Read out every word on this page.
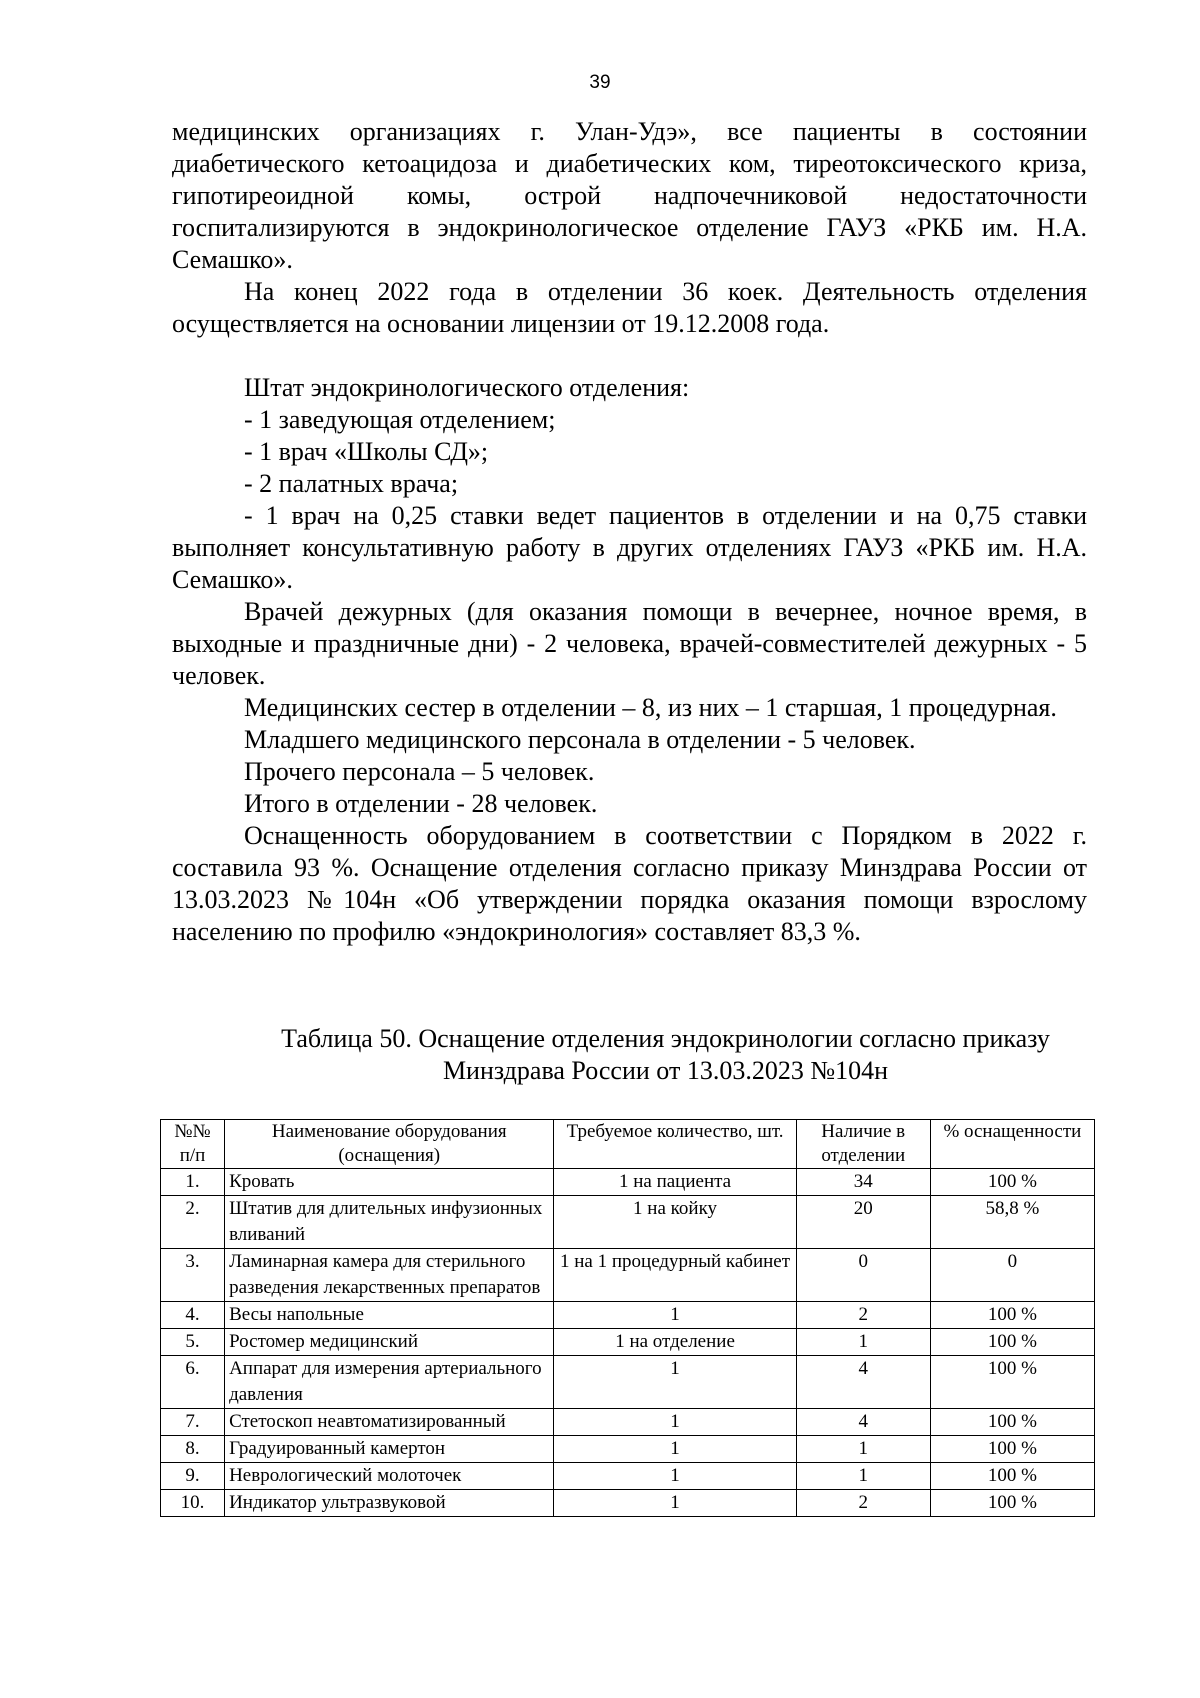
39

медицинских организациях г. Улан-Удэ», все пациенты в состоянии диабетического кетоацидоза и диабетических ком, тиреотоксического криза, гипотиреоидной комы, острой надпочечниковой недостаточности госпитализируются в эндокринологическое отделение ГАУЗ «РКБ им. Н.А. Семашко».

На конец 2022 года в отделении 36 коек. Деятельность отделения осуществляется на основании лицензии от 19.12.2008 года.

Штат эндокринологического отделения:

- 1 заведующая отделением;

- 1 врач «Школы СД»;

- 2 палатных врача;

- 1 врач на 0,25 ставки ведет пациентов в отделении и на 0,75 ставки выполняет консультативную работу в других отделениях ГАУЗ «РКБ им. Н.А. Семашко».

Врачей дежурных (для оказания помощи в вечернее, ночное время, в выходные и праздничные дни) - 2 человека, врачей-совместителей дежурных - 5 человек.

Медицинских сестер в отделении – 8, из них – 1 старшая, 1 процедурная.

Младшего медицинского персонала в отделении - 5 человек.

Прочего персонала – 5 человек.

Итого в отделении - 28 человек.

Оснащенность оборудованием в соответствии с Порядком в 2022 г. составила 93 %. Оснащение отделения согласно приказу Минздрава России от 13.03.2023 №104н «Об утверждении порядка оказания помощи взрослому населению по профилю «эндокринология» составляет 83,3 %.

Таблица 50. Оснащение отделения эндокринологии согласно приказу
Минздрава России от 13.03.2023 №104н
№№ п/п	Наименование оборудования (оснащения)	Требуемое количество, шт.	Наличие в отделении	% оснащенности
1.	Кровать	1 на пациента	34	100 %
2.	Штатив для длительных инфузионных вливаний	1 на койку	20	58,8 %
3.	Ламинарная камера для стерильного разведения лекарственных препаратов	1 на 1 процедурный кабинет	0	0
4.	Весы напольные	1	2	100 %
5.	Ростомер медицинский	1 на отделение	1	100 %
6.	Аппарат для измерения артериального давления	1	4	100 %
7.	Стетоскоп неавтоматизированный	1	4	100 %
8.	Градуированный камертон	1	1	100 %
9.	Неврологический молоточек	1	1	100 %
10.	Индикатор ультразвуковой	1	2	100 %
